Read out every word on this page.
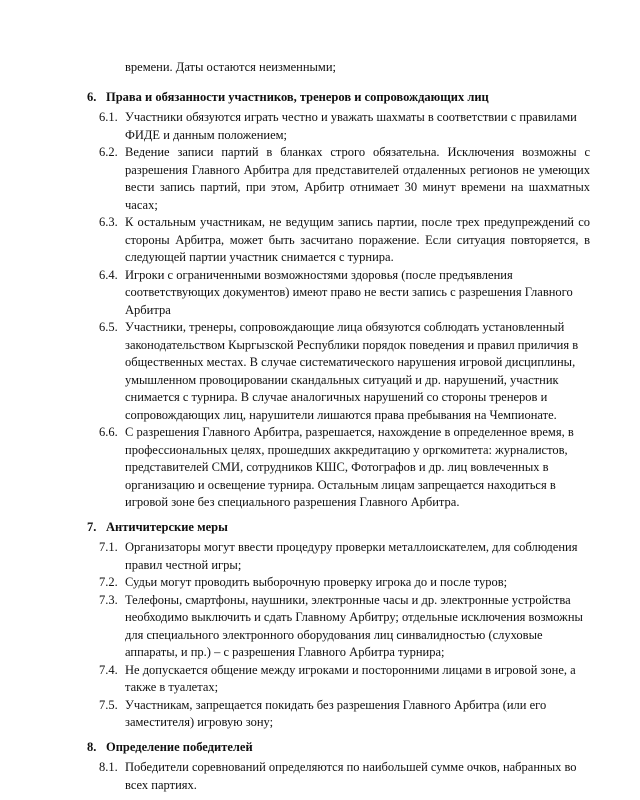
времени. Даты остаются неизменными;

6. Права и обязанности участников, тренеров и сопровождающих лиц
6.1. Участники обязуются играть честно и уважать шахматы в соответствии с правилами ФИДЕ и данным положением;
6.2. Ведение записи партий в бланках строго обязательна. Исключения возможны с разрешения Главного Арбитра для представителей отдаленных регионов не умеющих вести запись партий, при этом, Арбитр отнимает 30 минут времени на шахматных часах;
6.3. К остальным участникам, не ведущим запись партии, после трех предупреждений со стороны Арбитра, может быть засчитано поражение. Если ситуация повторяется, в следующей партии участник снимается с турнира.
6.4. Игроки с ограниченными возможностями здоровья (после предъявления соответствующих документов) имеют право не вести запись с разрешения Главного Арбитра
6.5. Участники, тренеры, сопровождающие лица обязуются соблюдать установленный законодательством Кыргызской Республики порядок поведения и правил приличия в общественных местах. В случае систематического нарушения игровой дисциплины, умышленном провоцировании скандальных ситуаций и др. нарушений, участник снимается с турнира. В случае аналогичных нарушений со стороны тренеров и сопровождающих лиц, нарушители лишаются права пребывания на Чемпионате.
6.6. С разрешения Главного Арбитра, разрешается, нахождение в определенное время, в профессиональных целях, прошедших аккредитацию у оргкомитета: журналистов, представителей СМИ, сотрудников КШС, Фотографов и др. лиц вовлеченных в организацию и освещение турнира. Остальным лицам запрещается находиться в игровой зоне без специального разрешения Главного Арбитра.
7. Античитерские меры
7.1. Организаторы могут ввести процедуру проверки металлоискателем, для соблюдения правил честной игры;
7.2. Судьи могут проводить выборочную проверку игрока до и после туров;
7.3. Телефоны, смартфоны, наушники, электронные часы и др. электронные устройства необходимо выключить и сдать Главному Арбитру; отдельные исключения возможны для специального электронного оборудования лиц синвалидностью (слуховые аппараты, и пр.) – с разрешения Главного Арбитра турнира;
7.4. Не допускается общение между игроками и посторонними лицами в игровой зоне, а также в туалетах;
7.5. Участникам, запрещается покидать без разрешения Главного Арбитра (или его заместителя) игровую зону;
8. Определение победителей
8.1. Победители соревнований определяются по наибольшей сумме очков, набранных во всех партиях.
